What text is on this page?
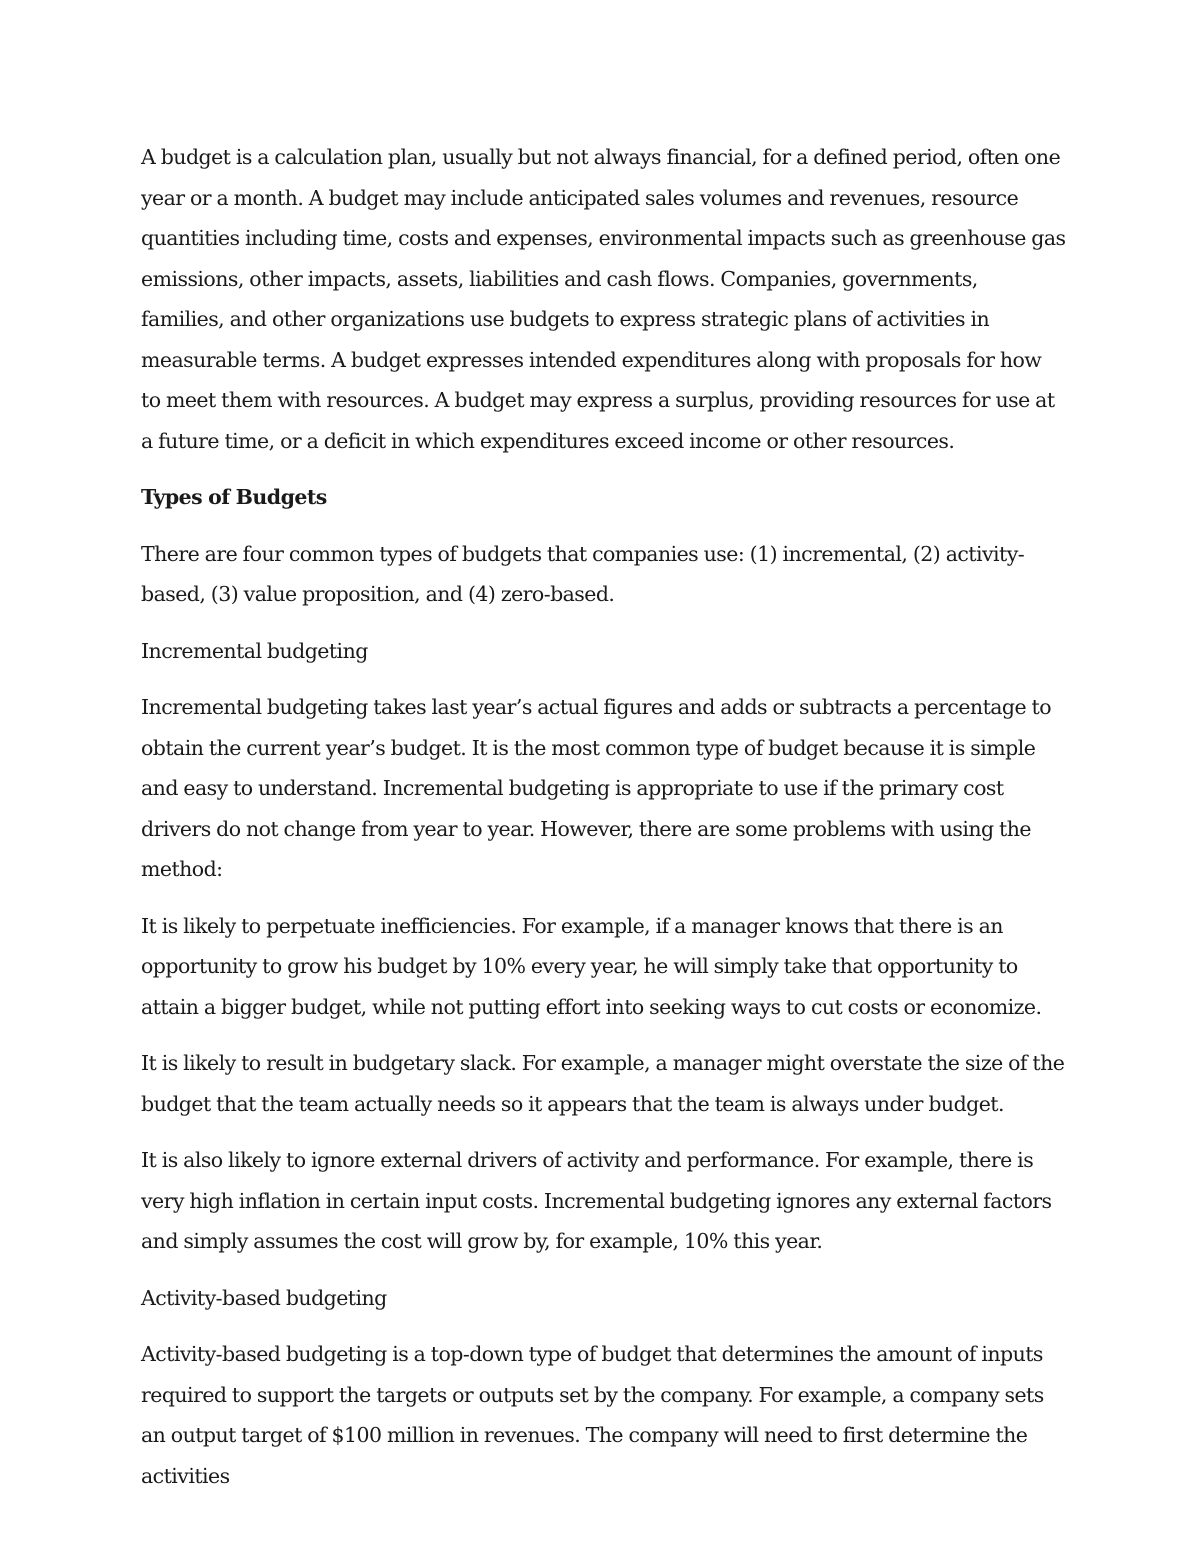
A budget is a calculation plan, usually but not always financial, for a defined period, often one year or a month. A budget may include anticipated sales volumes and revenues, resource quantities including time, costs and expenses, environmental impacts such as greenhouse gas emissions, other impacts, assets, liabilities and cash flows. Companies, governments, families, and other organizations use budgets to express strategic plans of activities in measurable terms. A budget expresses intended expenditures along with proposals for how to meet them with resources. A budget may express a surplus, providing resources for use at a future time, or a deficit in which expenditures exceed income or other resources.

Types of Budgets

There are four common types of budgets that companies use: (1) incremental, (2) activity-based, (3) value proposition, and (4) zero-based.

Incremental budgeting

Incremental budgeting takes last year’s actual figures and adds or subtracts a percentage to obtain the current year’s budget. It is the most common type of budget because it is simple and easy to understand. Incremental budgeting is appropriate to use if the primary cost drivers do not change from year to year. However, there are some problems with using the method:

It is likely to perpetuate inefficiencies. For example, if a manager knows that there is an opportunity to grow his budget by 10% every year, he will simply take that opportunity to attain a bigger budget, while not putting effort into seeking ways to cut costs or economize.

It is likely to result in budgetary slack. For example, a manager might overstate the size of the budget that the team actually needs so it appears that the team is always under budget.

It is also likely to ignore external drivers of activity and performance. For example, there is very high inflation in certain input costs. Incremental budgeting ignores any external factors and simply assumes the cost will grow by, for example, 10% this year.

Activity-based budgeting

Activity-based budgeting is a top-down type of budget that determines the amount of inputs required to support the targets or outputs set by the company. For example, a company sets an output target of $100 million in revenues. The company will need to first determine the activities
